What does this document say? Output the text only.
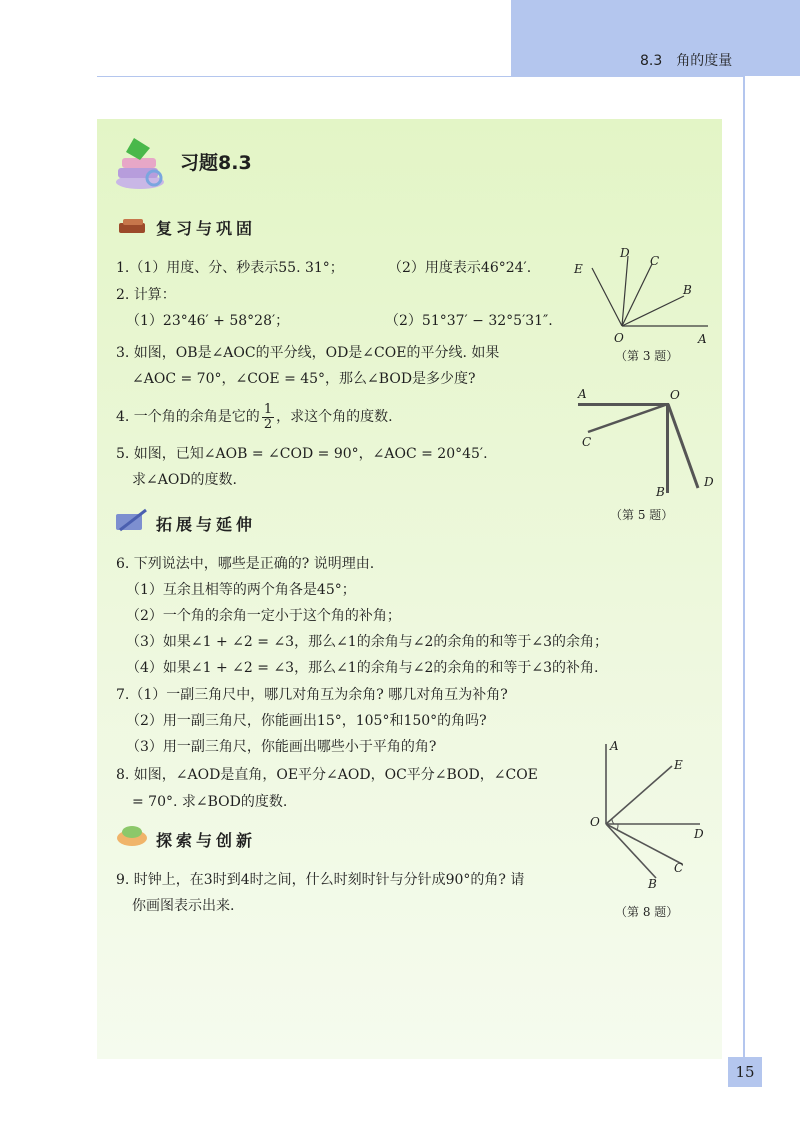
8.3　角的度量
习题8.3
复习与巩固
1.（1）用度、分、秒表示55. 31°；	（2）用度表示46°24′.
2. 计算：
（1）23°46′ + 58°28′；	（2）51°37′ − 32°5′31″.
3. 如图，OB是∠AOC的平分线，OD是∠COE的平分线. 如果
∠AOC = 70°，∠COE = 45°，那么∠BOD是多少度?
4. 一个角的余角是它的 $\frac{1}{2}$ ，求这个角的度数.
5. 如图，已知∠AOB = ∠COD = 90°，∠AOC = 20°45′.
求∠AOD的度数.
E
D
C
B
O	A
（第 3 题）
A	O
C
B
D
（第 5 题）
拓展与延伸
6. 下列说法中，哪些是正确的? 说明理由.
（1）互余且相等的两个角各是45°；
（2）一个角的余角一定小于这个角的补角；
（3）如果∠1 + ∠2 = ∠3，那么∠1的余角与∠2的余角的和等于∠3的余角；
（4）如果∠1 + ∠2 = ∠3，那么∠1的余角与∠2的余角的和等于∠3的补角.
7.（1）一副三角尺中，哪几对角互为余角? 哪几对角互为补角?
（2）用一副三角尺，你能画出15°，105°和150°的角吗?
（3）用一副三角尺，你能画出哪些小于平角的角?
8. 如图，∠AOD是直角，OE平分∠AOD，OC平分∠BOD，∠COE
= 70°. 求∠BOD的度数.
A
E
O
D
C
B
（第 8 题）
探索与创新
9. 时钟上，在3时到4时之间，什么时刻时针与分针成90°的角? 请
你画图表示出来.
15
